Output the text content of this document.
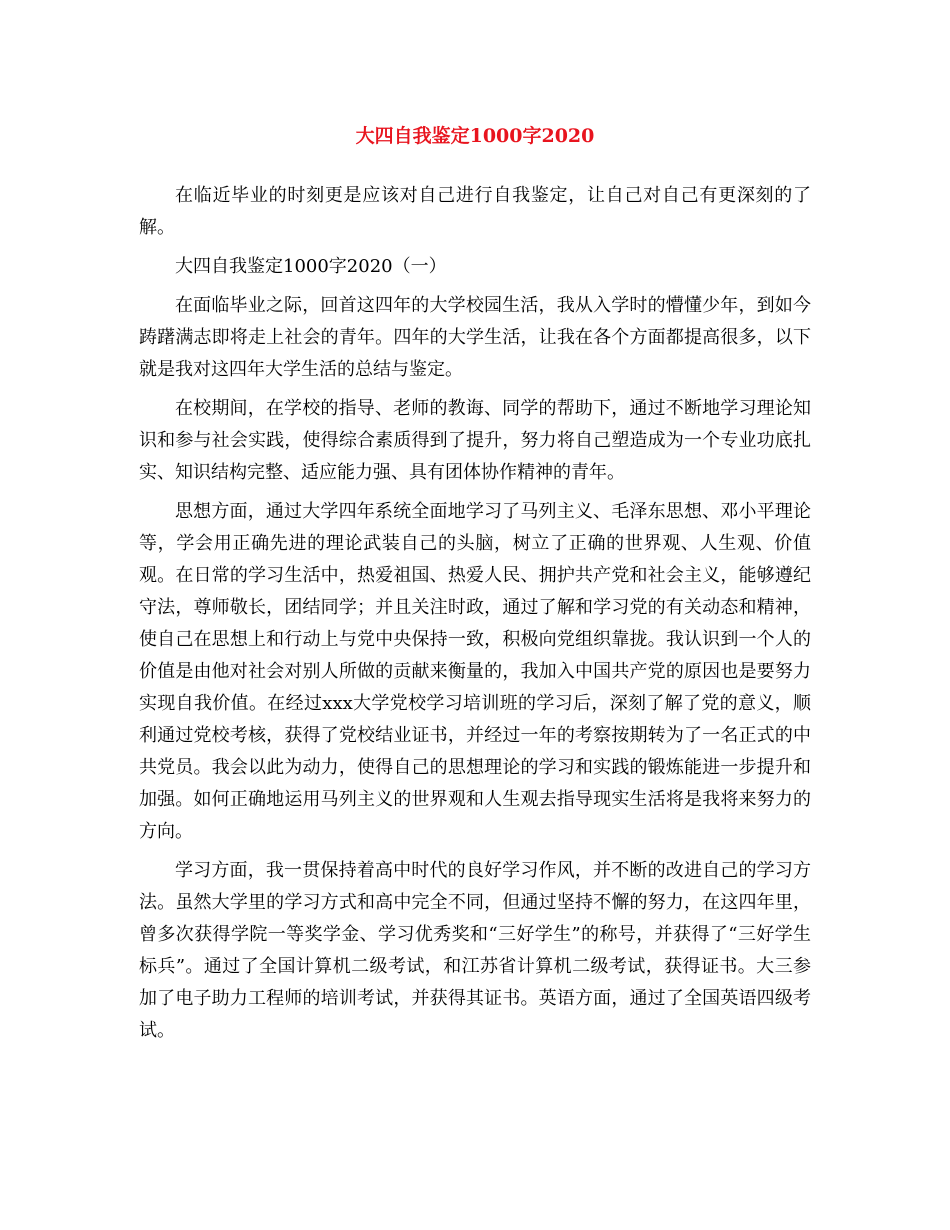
大四自我鉴定1000字2020

在临近毕业的时刻更是应该对自己进行自我鉴定，让自己对自己有更深刻的了解。

大四自我鉴定1000字2020（一）

在面临毕业之际，回首这四年的大学校园生活，我从入学时的懵懂少年，到如今踌躇满志即将走上社会的青年。四年的大学生活，让我在各个方面都提高很多，以下就是我对这四年大学生活的总结与鉴定。

在校期间，在学校的指导、老师的教诲、同学的帮助下，通过不断地学习理论知识和参与社会实践，使得综合素质得到了提升，努力将自己塑造成为一个专业功底扎实、知识结构完整、适应能力强、具有团体协作精神的青年。

思想方面，通过大学四年系统全面地学习了马列主义、毛泽东思想、邓小平理论等，学会用正确先进的理论武装自己的头脑，树立了正确的世界观、人生观、价值观。在日常的学习生活中，热爱祖国、热爱人民、拥护共产党和社会主义，能够遵纪守法，尊师敬长，团结同学；并且关注时政，通过了解和学习党的有关动态和精神，使自己在思想上和行动上与党中央保持一致，积极向党组织靠拢。我认识到一个人的价值是由他对社会对别人所做的贡献来衡量的，我加入中国共产党的原因也是要努力实现自我价值。在经过xxx大学党校学习培训班的学习后，深刻了解了党的意义，顺利通过党校考核，获得了党校结业证书，并经过一年的考察按期转为了一名正式的中共党员。我会以此为动力，使得自己的思想理论的学习和实践的锻炼能进一步提升和加强。如何正确地运用马列主义的世界观和人生观去指导现实生活将是我将来努力的方向。

学习方面，我一贯保持着高中时代的良好学习作风，并不断的改进自己的学习方法。虽然大学里的学习方式和高中完全不同，但通过坚持不懈的努力，在这四年里，曾多次获得学院一等奖学金、学习优秀奖和“三好学生”的称号，并获得了“三好学生标兵”。通过了全国计算机二级考试，和江苏省计算机二级考试，获得证书。大三参加了电子助力工程师的培训考试，并获得其证书。英语方面，通过了全国英语四级考试。
